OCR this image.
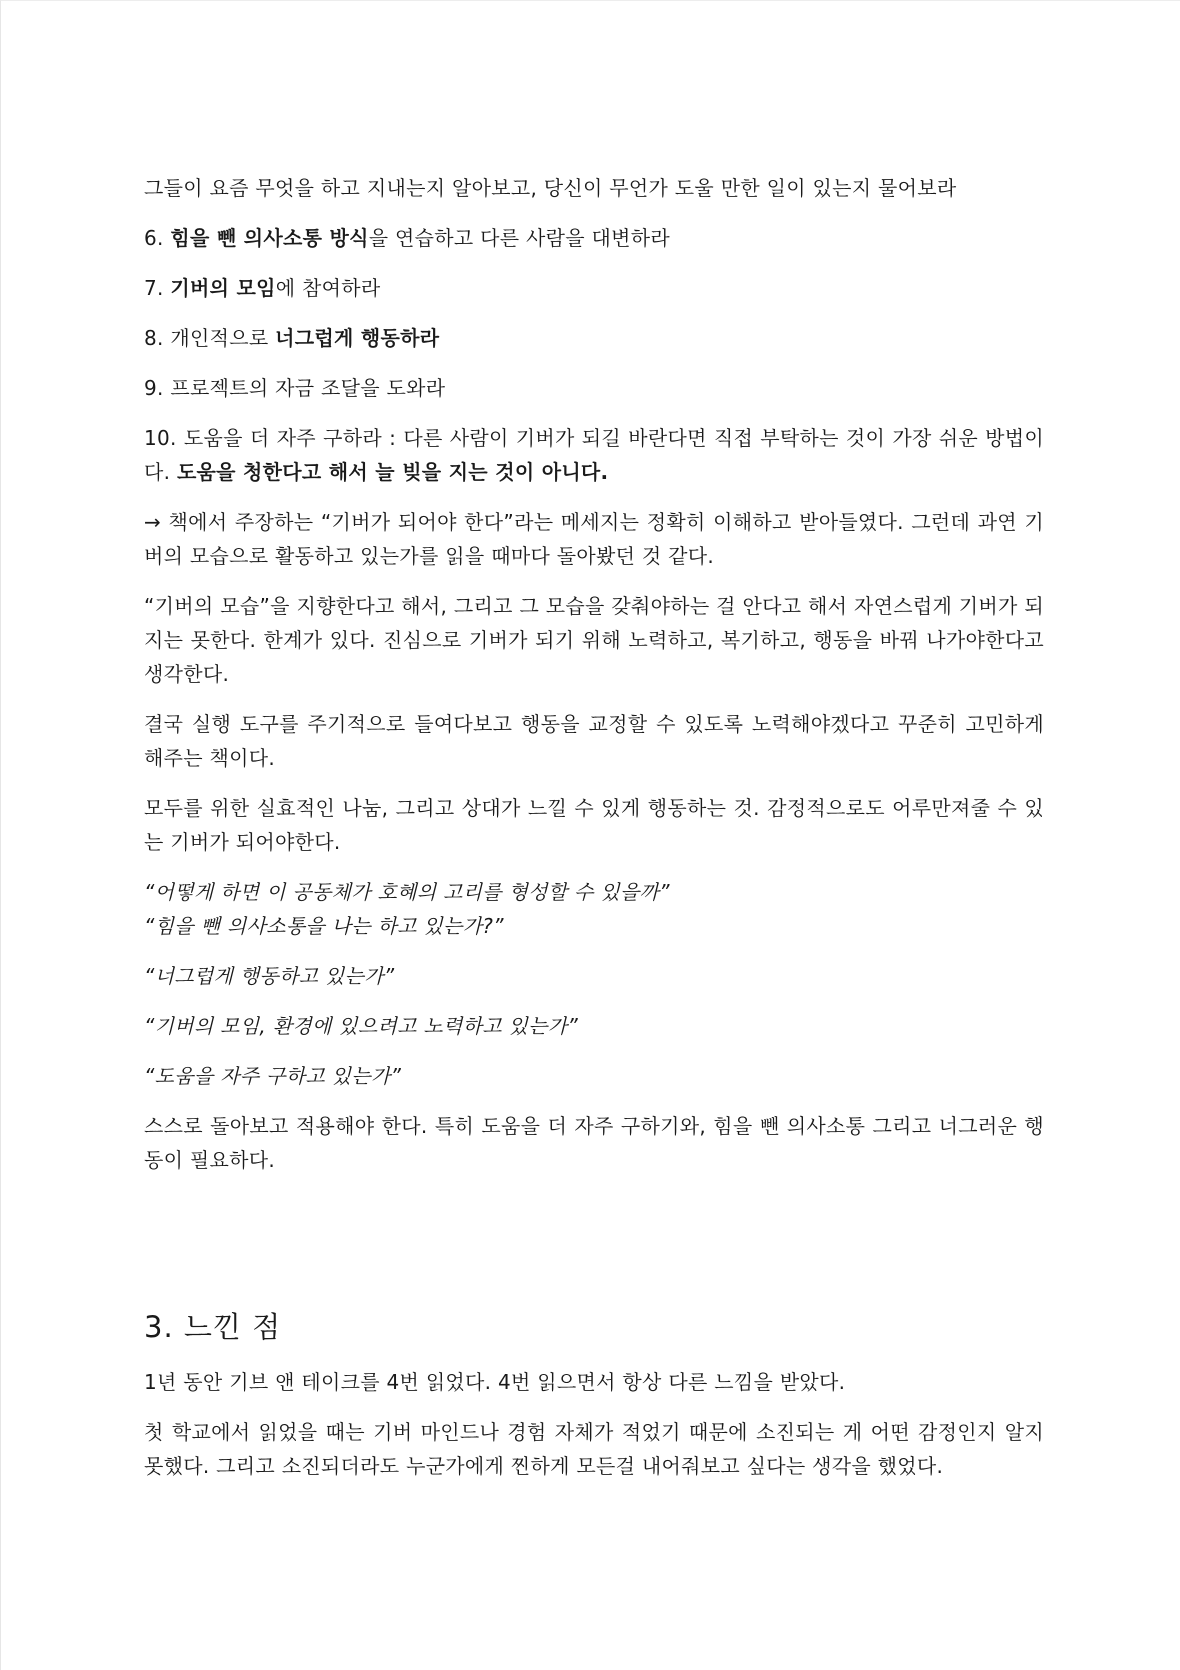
그들이 요즘 무엇을 하고 지내는지 알아보고, 당신이 무언가 도울 만한 일이 있는지 물어보라

6. 힘을 뺀 의사소통 방식을 연습하고 다른 사람을 대변하라

7. 기버의 모임에 참여하라

8. 개인적으로 너그럽게 행동하라

9. 프로젝트의 자금 조달을 도와라

10. 도움을 더 자주 구하라 : 다른 사람이 기버가 되길 바란다면 직접 부탁하는 것이 가장 쉬운 방법이다. 도움을 청한다고 해서 늘 빚을 지는 것이 아니다.

→ 책에서 주장하는 “기버가 되어야 한다”라는 메세지는 정확히 이해하고 받아들였다. 그런데 과연 기버의 모습으로 활동하고 있는가를 읽을 때마다 돌아봤던 것 같다.

“기버의 모습”을 지향한다고 해서, 그리고 그 모습을 갖춰야하는 걸 안다고 해서 자연스럽게 기버가 되지는 못한다. 한계가 있다. 진심으로 기버가 되기 위해 노력하고, 복기하고, 행동을 바꿔 나가야한다고 생각한다.

결국 실행 도구를 주기적으로 들여다보고 행동을 교정할 수 있도록 노력해야겠다고 꾸준히 고민하게 해주는 책이다.

모두를 위한 실효적인 나눔, 그리고 상대가 느낄 수 있게 행동하는 것. 감정적으로도 어루만져줄 수 있는 기버가 되어야한다.

“어떻게 하면 이 공동체가 호혜의 고리를 형성할 수 있을까”

“힘을 뺀 의사소통을 나는 하고 있는가?”

“너그럽게 행동하고 있는가”

“기버의 모임, 환경에 있으려고 노력하고 있는가”

“도움을 자주 구하고 있는가”

스스로 돌아보고 적용해야 한다. 특히 도움을 더 자주 구하기와, 힘을 뺀 의사소통 그리고 너그러운 행동이 필요하다.

3. 느낀 점

1년 동안 기브 앤 테이크를 4번 읽었다. 4번 읽으면서 항상 다른 느낌을 받았다.

첫 학교에서 읽었을 때는 기버 마인드나 경험 자체가 적었기 때문에 소진되는 게 어떤 감정인지 알지 못했다. 그리고 소진되더라도 누군가에게 찐하게 모든걸 내어줘보고 싶다는 생각을 했었다.
